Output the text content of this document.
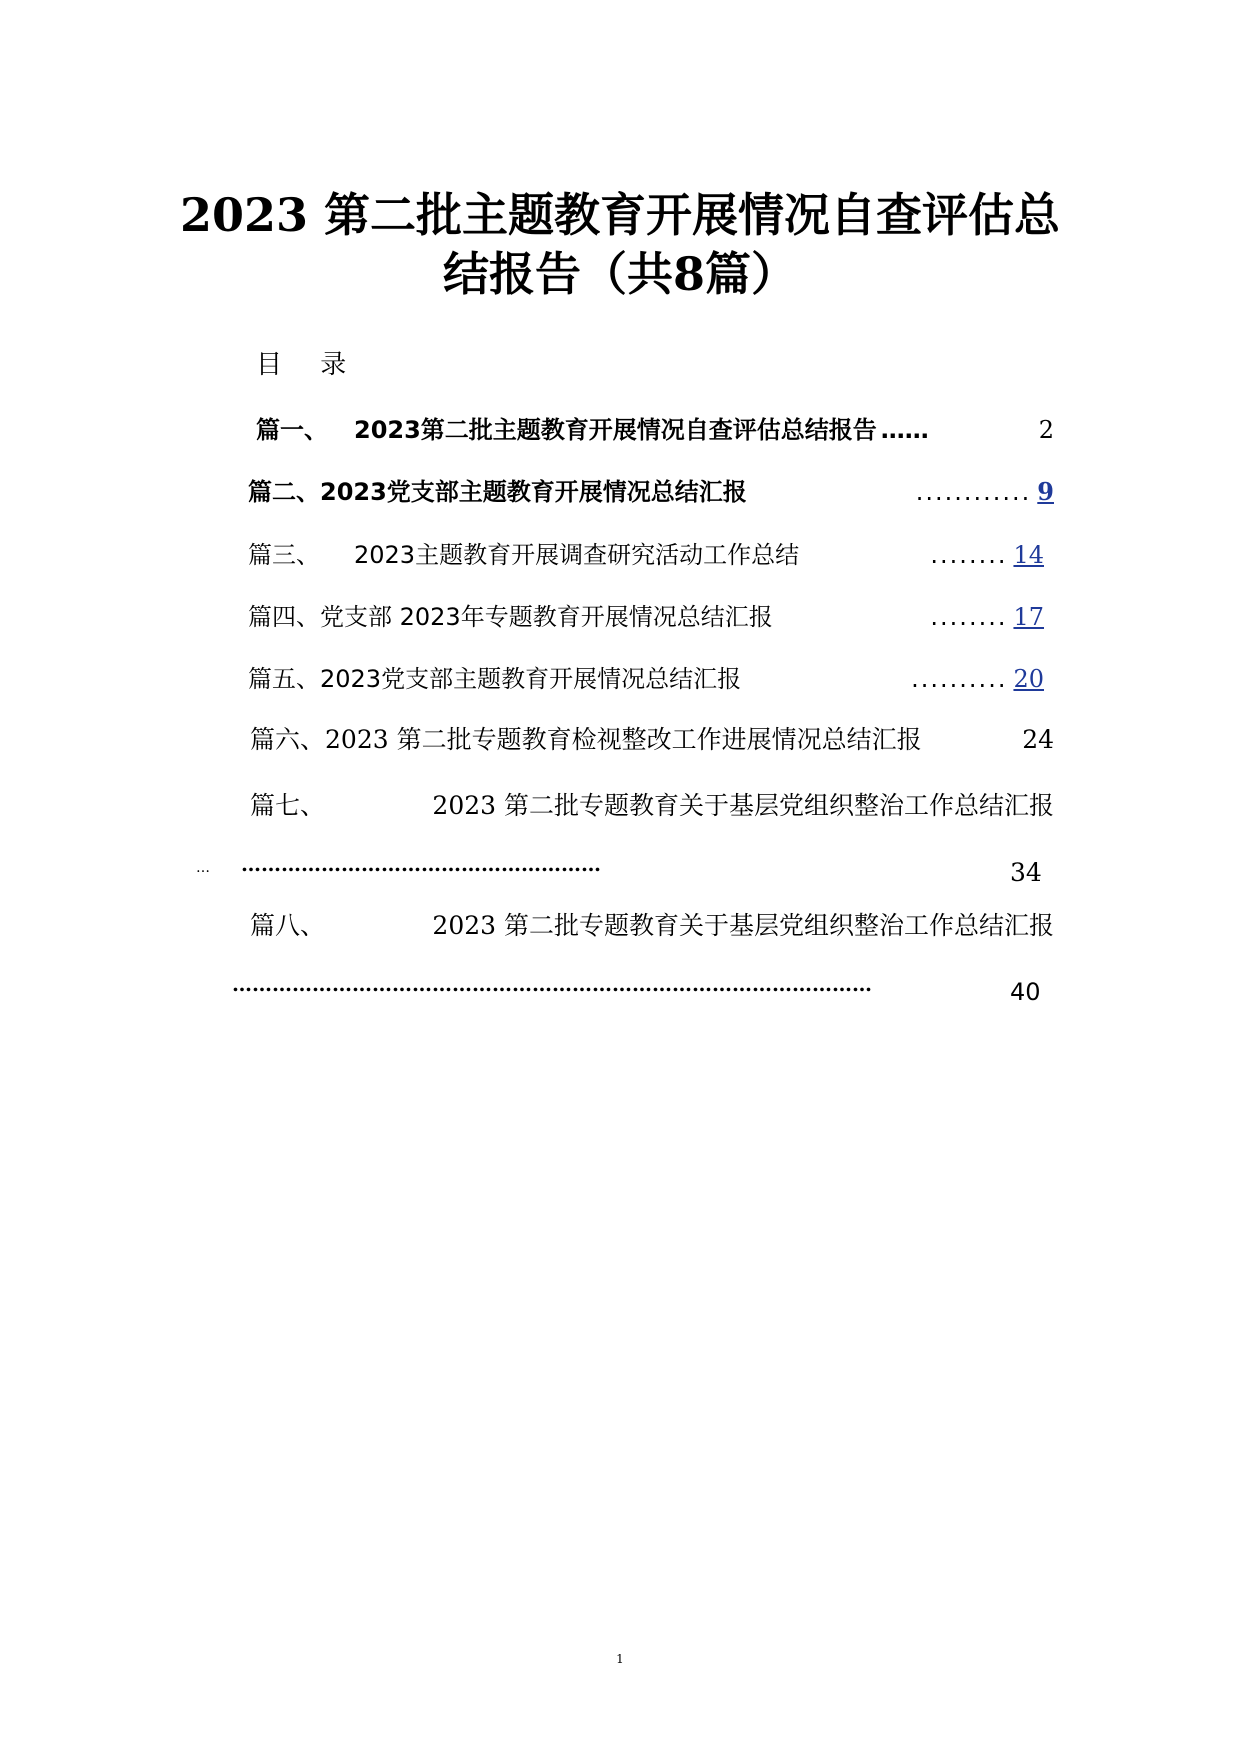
2023 第二批主题教育开展情况自查评估总
结报告（共8篇）
目 录
篇一、 2023第二批主题教育开展情况自查评估总结报告 ……	2
篇二、 2023党支部主题教育开展情况总结汇报	............ 9
篇三、 2023主题教育开展调查研究活动工作总结	........ 14
篇四、 党支部 2023年专题教育开展情况总结汇报	........ 17
篇五、 2023党支部主题教育开展情况总结汇报	.......... 20
篇六、 2023 第二批专题教育检视整改工作进展情况总结汇报	24
篇七、	2023 第二批专题教育关于基层党组织整治工作总结汇报
… ………………………………………………	34
篇八、	2023 第二批专题教育关于基层党组织整治工作总结汇报
……………………………………………………………………………………	40
1
